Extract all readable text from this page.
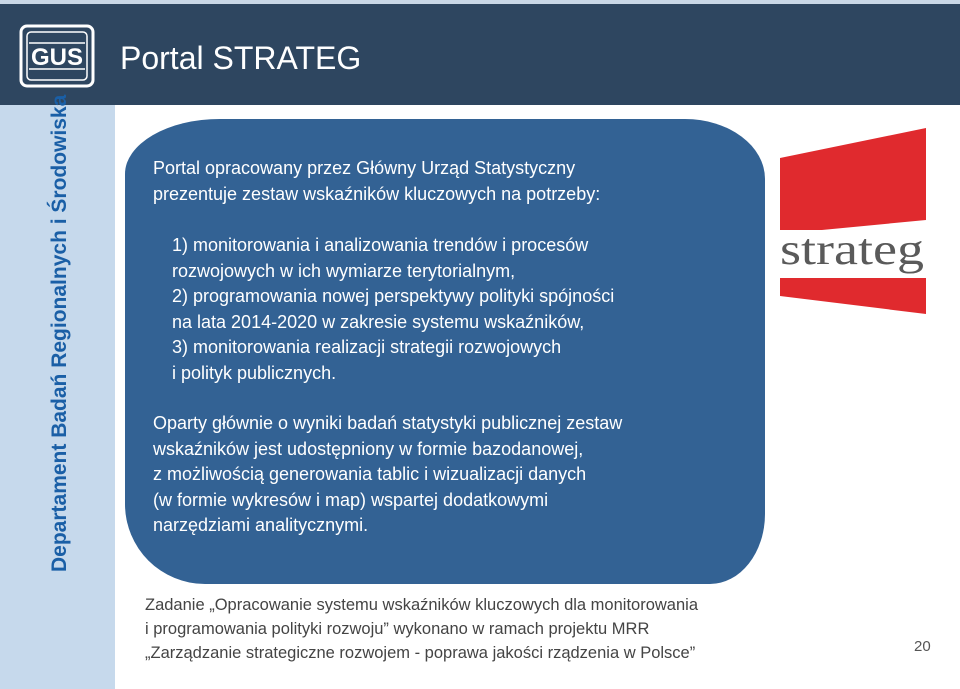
GUS Portal STRATEG
Departament Badań Regionalnych i Środowiska	Portal opracowany przez Główny Urząd Statystyczny
prezentuje zestaw wskaźników kluczowych na potrzeby:
1) monitorowania i analizowania trendów i procesów
rozwojowych w ich wymiarze terytorialnym,
2) programowania nowej perspektywy polityki spójności
na lata 2014-2020 w zakresie systemu wskaźników,
3) monitorowania realizacji strategii rozwojowych
i polityk publicznych.
Oparty głównie o wyniki badań statystyki publicznej zestaw
wskaźników jest udostępniony w formie bazodanowej,
z możliwością generowania tablic i wizualizacji danych
(w formie wykresów i map) wspartej dodatkowymi
narzędziami analitycznymi.
strateg
Zadanie „Opracowanie systemu wskaźników kluczowych dla monitorowania
i programowania polityki rozwoju” wykonano w ramach projektu MRR
„Zarządzanie strategiczne rozwojem - poprawa jakości rządzenia w Polsce”	20
